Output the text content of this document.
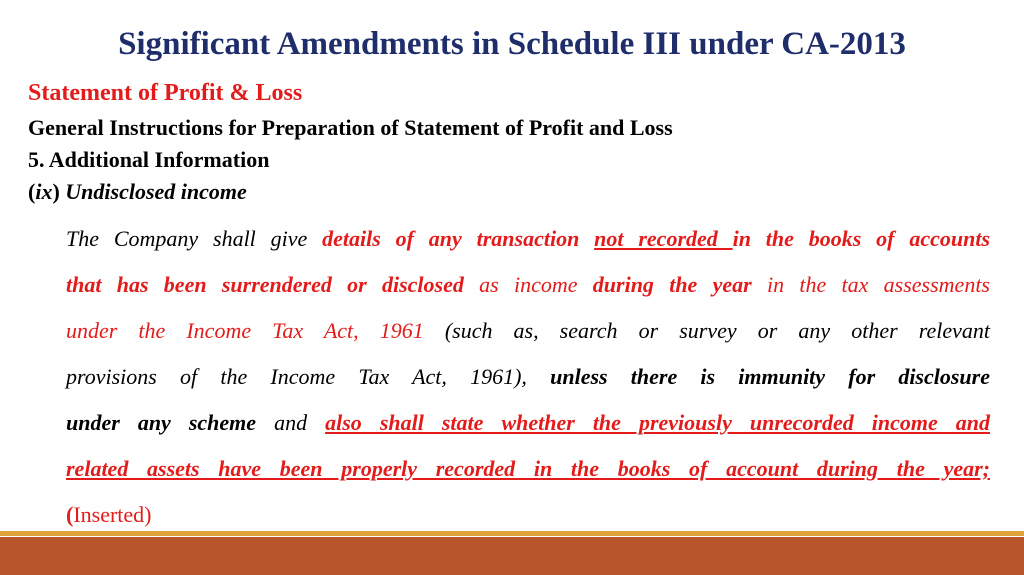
Significant Amendments in Schedule III under CA-2013
Statement of Profit & Loss
General Instructions for Preparation of Statement of Profit and Loss
5. Additional Information
(ix) Undisclosed income
The Company shall give details of any transaction not recorded in the books of accounts
that has been surrendered or disclosed as income during the year in the tax assessments
under the Income Tax Act, 1961 (such as, search or survey or any other relevant
provisions of the Income Tax Act, 1961), unless there is immunity for disclosure
under any scheme and also shall state whether the previously unrecorded income and
related assets have been properly recorded in the books of account during the year;
(Inserted)
